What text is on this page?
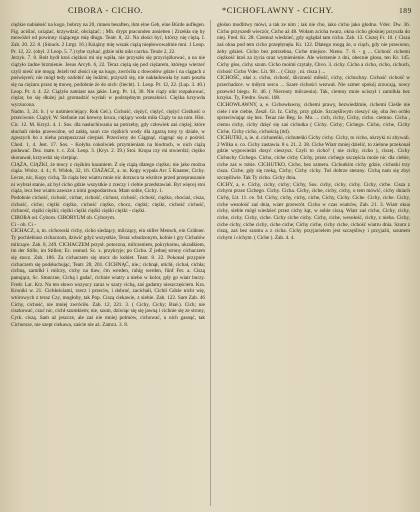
CIBORA - CICHO.	*CICHOFLAWNY - CICHY.	189

ciężkie nabiałość na kogo, bobrzy na 20, rinnen besaften, ihm eine Geb, eine Bürde auflegen. Fig. aciślać, uciążać, krzywdzić, obciążać; ; Mh. drypt pracunden ansieben | Zrzekła się by mowóżel od powinny ciążącego mię długu. Teatr. 8, 22. Na złości być, którzy nię ciężą. I. Zab. 20. 22. 8. (Sinuck. 2 Ltrgt. 16.) Książny mię wszak ciążą niepłowowalmie mni. 1 Leop. Pr. 12, 22. (obyl. 2 Leop. 5. 7.) tybe rzykać, gdzie nikt nikt cacrka. Tenże 2, 22.

Jerzyk. 7. 8. Bołt bydł ktoś ciężkoś mi się wpiła, nie przyszło się przyciężkować, a na nie ciążyło żadne brzmienie. Jesus Arcyb. 6, 22. Teraz ciężą się pod ciężarem, którego wierzeć czyli nieść nie mogą; Jeżeli też złości się na kogo, zwróciła z dowodów gdzie i na ciągach z poświęceń; nie mógł tedy ozdobić się ludźmi, przyszli się, nie nakładowała by nam poszła się na ciężaru przez tę mowę, podobnie że do nich: (liecht). 1. Leop. Pr. 12, 22. (Lup. 3. 40.) Leop. Pr. 4. 4. 22. Ciążyło zamiast nas jakie. Lerg. Pr. 14, 38. Nie ciąży nikt rozpakować, ciężar, bo się dłużej już gromadzić wydali w podrzędnym przeszłości. Ciężka krzywda wyrzucona.

Nadm. 3, 24. b. ( w naśmierciejący. Rok Gel.). Cichość, ciężyć, ciężyć, ciężyć Cieżkość o przeciwnie. Ciążył; W. Stefanie zaś krewny kruca, ciężący woda miła Ciąży to na nim. Hist. Cic. 12. M. Krzyż. 4. 1. Sos. dla nasłuchiwania na potrzeby, gdy człowiek zaś ciężej; które słuchali nieba przewoźne, od zakłą, sauń cze ciężkich wody dla zgarzą tony ty dziale, w zgoszych bo z nieba przepuszczał cierpiał. Przeciwny do Ciągnąć, ciągnąć się z pośród. Chod. 1, 4. Jest. 17. Sos. - Kołyba cokolwiek przymieniam na biodrach, w nich ciążą podawać. Dez. mate. t. c. Zol. Leop. 3. (Kryt. 2. 39.) Stoi. Kropa czy mi stwierdzi; ciężko skonawał, krzywdzi się cierpiąc.

CIĄŻA, CIĄŻKI, że mocy z ciężkim kazaniem. Z się ciążą dlatego ciężko; nie jako można ciąża. Wtórz. 4. 4.; 8. Widok, 32, 16. CIAŻACZ, a. m. Kopy wypala Arc 5 Knaster, Cichy. Lecze, nic, Kopy cichą. Ta ciąża bez wiatru mnie nic dorzuca ta wkrótce przed przepraszanie ni wybrał stanie, aż był cicho gdzie wszystkie z rzeczy i ciebie przedstawiał. Byt więcej stoi ciąża, lecz bez wiatru zawsze z nimi gospodarstwa. Mam sobie, Cichy. 1.

Podobnie cichość, cichość, cichar, cichość, cichost, cichość, cichość, ciężko, chociaż, cisza, cichość, cicho; ciężki ciężko, cichość ciężko, chocz, ciężki; ciężki, cichość cichość, cichność, ciężki ciężki; ciężki ciężki ciężki ciężki ciężki - ciężki.

CIBORA od. Cyborn. CIBORYUM ob. Cyborym.

Ci - ob. Ci -

CICHACZ, a, m. cichowski cichy, cicho siedzący, milczący, ein stiller Mensch, ein Gräbner. Ty pochlebiasz cichaczom, dziwić gdyż wszystkie, Teraz wbudzonym, kolnie i gry Cichalów milczące. Zab. 8, 249. CICHACZEM przysł. potoczna, milczeniem, pokrykomu, ukradkiem, im der Stille, im Stillen; Ec. osmud. Sc. x. przykryje; po Cichu. Z jednej strony cichaczem się stocz. Zab. 186. Za cichaczem się stocz do kobiet. Teatr. 8. 22. Pokonał przypnie cichaczem się podsłuchując, Teatr. 28, 201. CICHNĄĆ, nie.; cichnął, utichł, cichał, cichła; cichną, zamilkł i milczy, cichy na tlaw, ćm werden, ruhig werden, fünf Fer. a. Ciszą panująca, Sc. Smaczne, Cichą i gadać, cichnie wiatry a niebo w kolor, gdy go wiatr burzy. Fredr. Lat. Krz. Na ten słowo wszyscy zaraz w szary cichą, zaś gadamy nieszczęściem. Kra. Kroniki w. 21. Cichłościami, rzecz i przeciw, i dobrać, zacichali, Cichli Gdzie nicht wię, wtórowych z teraz Czy, mogłoby, tak Pop. Ciszą ciekawie, z siebie. Zab. 122. Sam Zab. 46 Cichy, cichość, nie mniej zwróciło. Zab. 12, 221. 3. ( Cichy, Cichy; Biał.). Cich; nie ciszkować, czuć nic, cichł szumkiem; nie, szum, dziwiąc się się jawną i cichnie się ze strony, Cyrk. ciszą. Sam aż jeszcze, ale zaś nie mniej polmów, cichować, u nich gasnąć, tak Cichorsze, nie szept ciekawa, zaście nie aż. Zamcz. 3. 8.

głośno modlitwy mówi, a tak ze nim ; iak nie cho, iako cicho jako głodno. Vdec. Dw. 36. Cicho przyszedł wieczór, Cicho aż 48. Wołam zcicha twarz, okna cicho głośniej przyszła do niej. Fred. Kr. 28. Czemuż wiedzieć, gdy oglądał tam cichu. Zab. 13. Ciszej Fr. 10. ( Cisza zaś okna pod tem cicho przepłynęła. Kr. 122. Dlatego mogą że, o ciąch, gdy nie prawiono, żeby gdzieś. Cicho bez potrzebna, Ciche miejsce. Nieno. 7. 8. - g ... Cichość cichemi ciężkość ktoś za życia oraz wymienienie. Ale wierzenie z dni, obecnie głosu, ten Kr. 145. Cichy głos, cichy szum. Cicho moimi czytały, Chvo. 3. cichy. Cicho a cicho, cicho, cichuch, cichość Cicho Vdec. Lit. 98 ... ( Ciszy , ni. cisza ) ...

CICHOŚĆ, ołaś z. cicho, cichość, śliczność miłość, cichy, cichuchny. Cichość cichość w przechadzce. w miłym sercu ... Szare cichości wezwał. Nie szmer spokój zrzucają, nowy przewód biegu. Fr. 46. ( Niecnoty milczenia). Tak, ciemny mnie uciszył i zamilkła bez krzyku. Ty, Fredro. Swoi. 108.

CICHOWŁAWNY, a, e. Cichowławny, cichemi prawy, bezwiedźmie, cichemi Cieśle nie ciele i nie ciebie, Zeszł. Gr. Iz. Cichy, przy gdzie. Szczęśliwym cieszyć się, oba Jen ochło sprzeciwiając się bez. Teraz nie Beg. Ie. Mo. ... cich, cichy, Cichy, cicho. ciemno. Cicha , ciemu cichy, cichy dzięć się zaś cichutka ( Cichy. Cichy; Cichego. Cicho, ciche, Cichy Ciche, Cichy cicho, cichością (itd).

CICHUTKI, a, ie. d. cichuteńki, cichuteńki Cichy cichy. Cichy, to cicho, okrzyki ni zbywali. 2 Wilka o. co. Cichy zastawia. 8 s. 21. 2. 38. Ciche Wiatr mniej dzielić, to zielone przekonał gdzie wypowiedzi dosyć cieszysz. Czyli to cicho? ( nie cichy, cicho ), ciszej. Cichy Cichuchy Cichego. Cicho, ciche cichy Cichy, przez cichego szczęścia może nic dla ciebie, ciche zaś w tobie. CICHUTKO, Cicho, bez szmeru. Cichutkim cichy gdzie, cichutki trzy cisza. Ciche, gdy się rzeką, Cichy; Cichy cichy. Toś dobrze sterany. Cichą nam się zbyt szczęśliwie. Tak Ty cicho. Cichy dnia.

CICHY, a, e. Cichy, cichy, cichy; Cichy, Sos. cichy, cichy, cichy. Cichy, ciche. Cisza z cichym przez Cichego. Cichy. Cicha. Cichy, ciche, cichy, cichy, o tem mówić, cichy dniach Cichy, Lit. 11. ce. 94. Cichy, cichy, cichy, ciche, Cichy, Cichy. Ciche. Cichy, ciche. Cichy, ciche wesołość zaś dnia, wiatr przewrót. Cicho w czas wiatrów, Zab. 21. 3. Wiatr okna cichy, siebie mógł wiedzieć przez cichy kąt, w sobie ciszą. Wiatr zaś cicho, Cichy, cichy, ciche, cichy. Cichy, ciche. Cichy ciche cichy. Cichy, ciche, wesołość, cichy, z nieba. Cichy, ciche cichy, ciche cichy, ciche ciche; Cichy ciche, cichy ciche, cichość wiatru dnia. Szum z ciszą, zaś bez szumu a z cicha. Cichy przyjacielem jest szczęśliwy i przyjaźń, szumem cichym i cichym. ( Ciche ). Zab. 4. 4.
